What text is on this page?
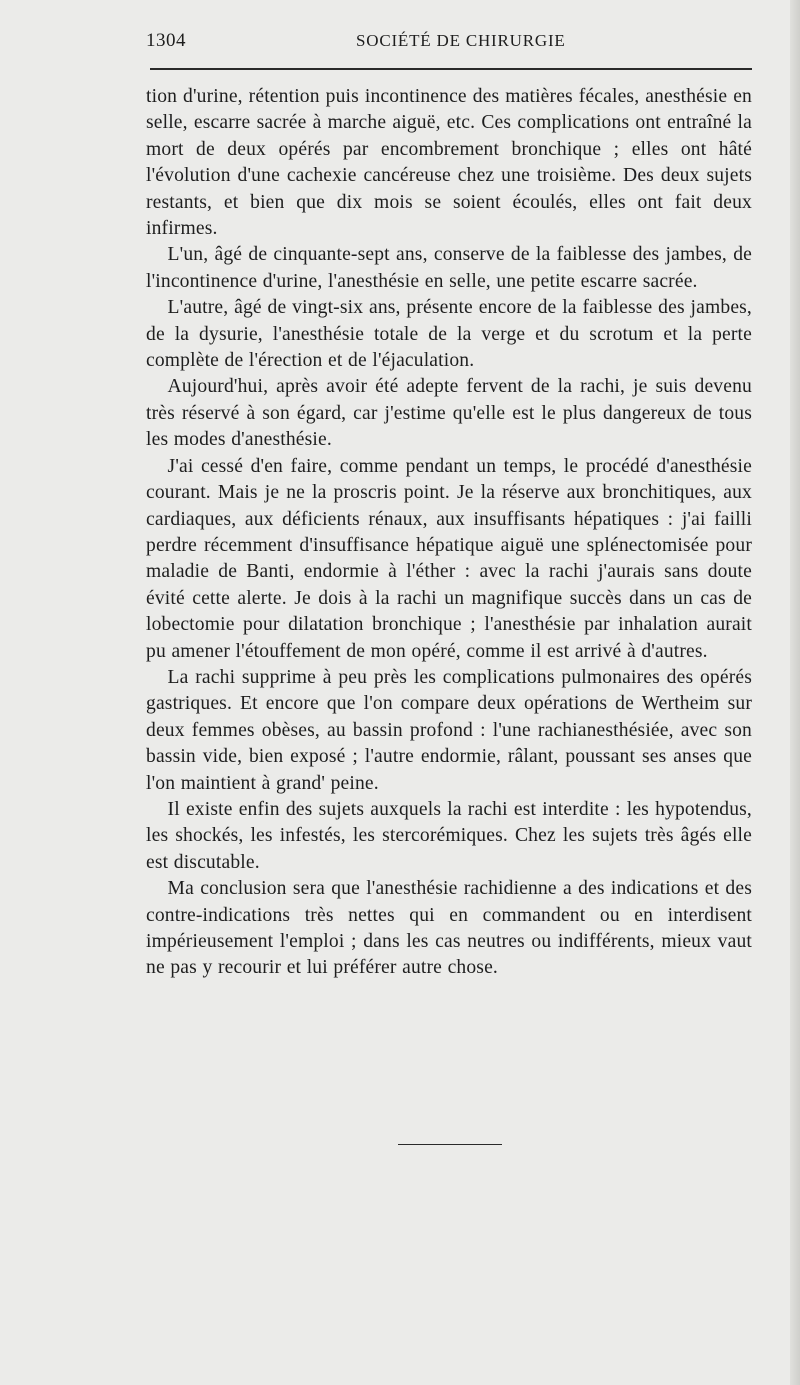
1304	SOCIÉTÉ DE CHIRURGIE

tion d'urine, rétention puis incontinence des matières fécales, anesthésie en selle, escarre sacrée à marche aiguë, etc. Ces complications ont entraîné la mort de deux opérés par encombrement bronchique ; elles ont hâté l'évolution d'une cachexie cancéreuse chez une troisième. Des deux sujets restants, et bien que dix mois se soient écoulés, elles ont fait deux infirmes.

L'un, âgé de cinquante-sept ans, conserve de la faiblesse des jambes, de l'incontinence d'urine, l'anesthésie en selle, une petite escarre sacrée.

L'autre, âgé de vingt-six ans, présente encore de la faiblesse des jambes, de la dysurie, l'anesthésie totale de la verge et du scrotum et la perte complète de l'érection et de l'éjaculation.

Aujourd'hui, après avoir été adepte fervent de la rachi, je suis devenu très réservé à son égard, car j'estime qu'elle est le plus dangereux de tous les modes d'anesthésie.

J'ai cessé d'en faire, comme pendant un temps, le procédé d'anesthésie courant. Mais je ne la proscris point. Je la réserve aux bronchitiques, aux cardiaques, aux déficients rénaux, aux insuffisants hépatiques : j'ai failli perdre récemment d'insuffisance hépatique aiguë une splénectomisée pour maladie de Banti, endormie à l'éther : avec la rachi j'aurais sans doute évité cette alerte. Je dois à la rachi un magnifique succès dans un cas de lobectomie pour dilatation bronchique ; l'anesthésie par inhalation aurait pu amener l'étouffement de mon opéré, comme il est arrivé à d'autres.

La rachi supprime à peu près les complications pulmonaires des opérés gastriques. Et encore que l'on compare deux opérations de Wertheim sur deux femmes obèses, au bassin profond : l'une rachianesthésiée, avec son bassin vide, bien exposé ; l'autre endormie, râlant, poussant ses anses que l'on maintient à grand' peine.

Il existe enfin des sujets auxquels la rachi est interdite : les hypotendus, les shockés, les infestés, les stercorémiques. Chez les sujets très âgés elle est discutable.

Ma conclusion sera que l'anesthésie rachidienne a des indications et des contre-indications très nettes qui en commandent ou en interdisent impérieusement l'emploi ; dans les cas neutres ou indifférents, mieux vaut ne pas y recourir et lui préférer autre chose.
